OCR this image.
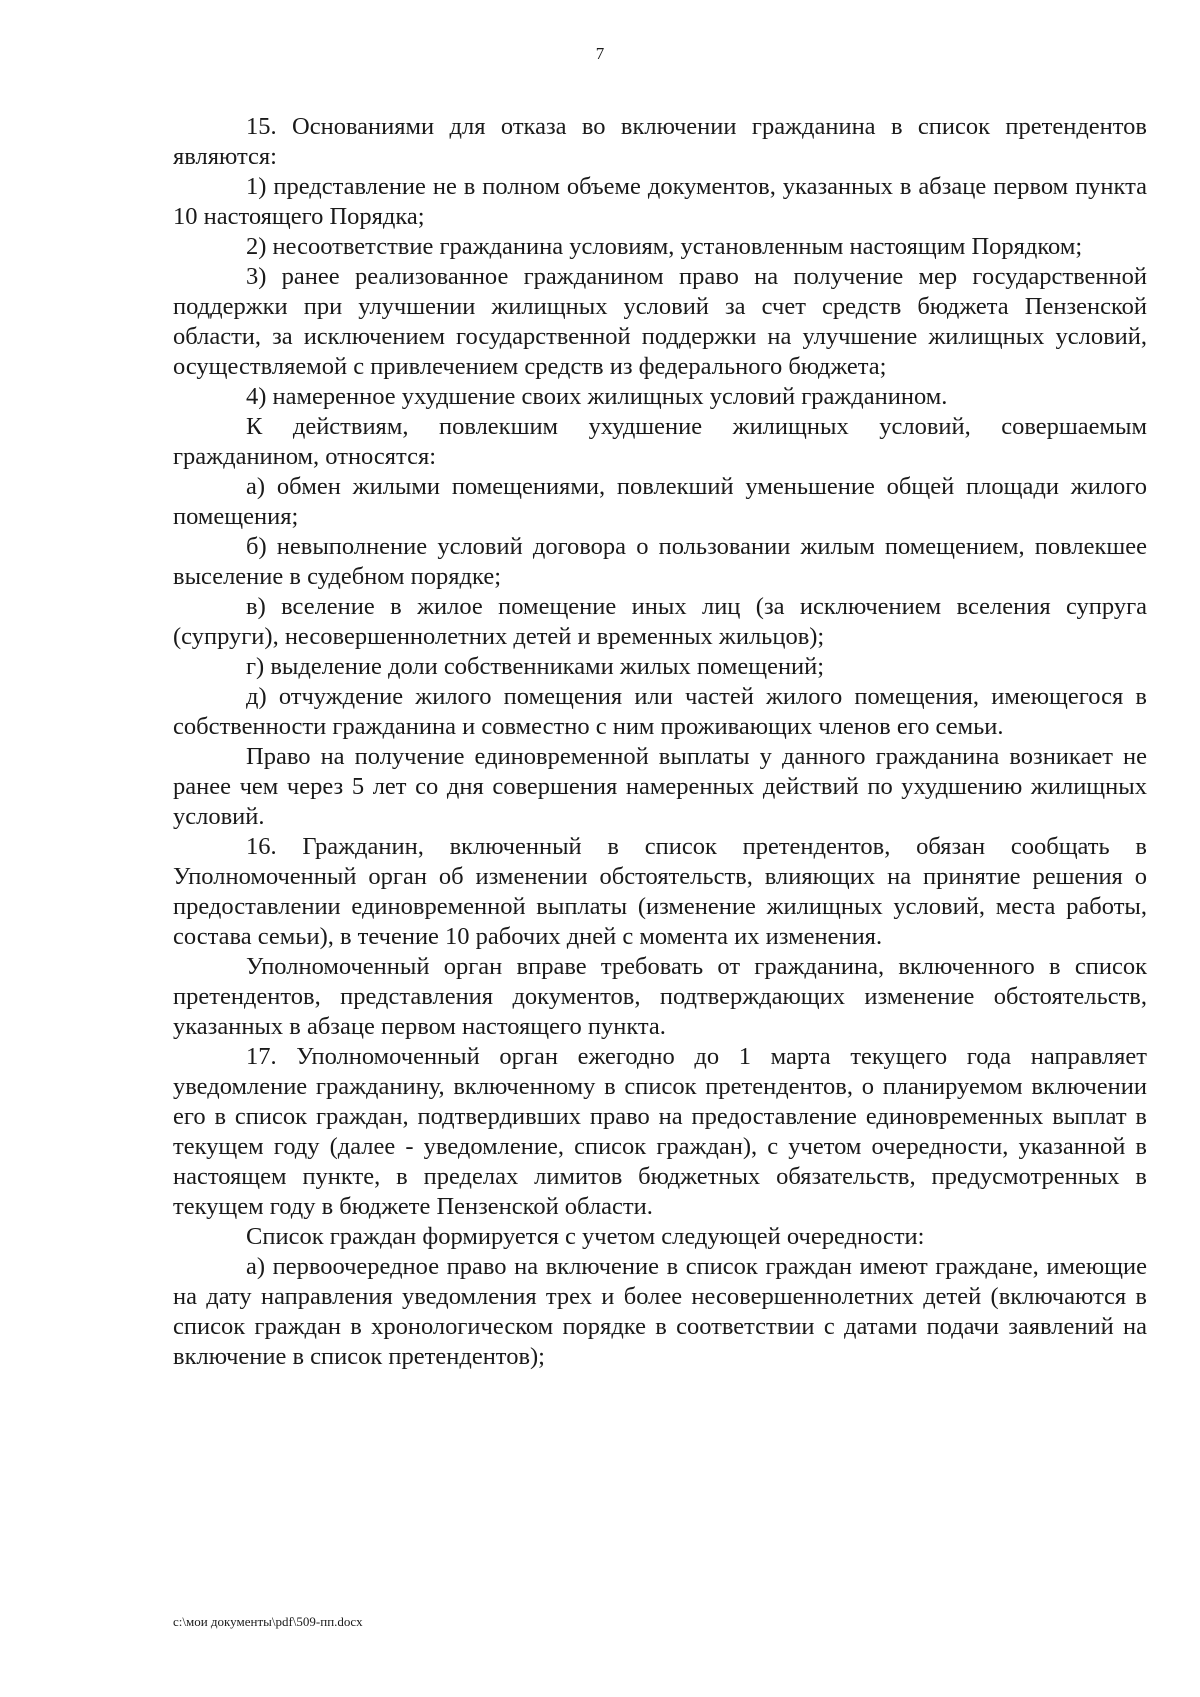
7

15. Основаниями для отказа во включении гражданина в список претендентов являются:

1) представление не в полном объеме документов, указанных в абзаце первом пункта 10 настоящего Порядка;

2) несоответствие гражданина условиям, установленным настоящим Порядком;

3) ранее реализованное гражданином право на получение мер государственной поддержки при улучшении жилищных условий за счет средств бюджета Пензенской области, за исключением государственной поддержки на улучшение жилищных условий, осуществляемой с привлечением средств из федерального бюджета;

4) намеренное ухудшение своих жилищных условий гражданином.

К действиям, повлекшим ухудшение жилищных условий, совершаемым гражданином, относятся:

а) обмен жилыми помещениями, повлекший уменьшение общей площади жилого помещения;

б) невыполнение условий договора о пользовании жилым помещением, повлекшее выселение в судебном порядке;

в) вселение в жилое помещение иных лиц (за исключением вселения супруга (супруги), несовершеннолетних детей и временных жильцов);

г) выделение доли собственниками жилых помещений;

д) отчуждение жилого помещения или частей жилого помещения, имеющегося в собственности гражданина и совместно с ним проживающих членов его семьи.

Право на получение единовременной выплаты у данного гражданина возникает не ранее чем через 5 лет со дня совершения намеренных действий по ухудшению жилищных условий.

16. Гражданин, включенный в список претендентов, обязан сообщать в Уполномоченный орган об изменении обстоятельств, влияющих на принятие решения о предоставлении единовременной выплаты (изменение жилищных условий, места работы, состава семьи), в течение 10 рабочих дней с момента их изменения.

Уполномоченный орган вправе требовать от гражданина, включенного в список претендентов, представления документов, подтверждающих изменение обстоятельств, указанных в абзаце первом настоящего пункта.

17. Уполномоченный орган ежегодно до 1 марта текущего года направляет уведомление гражданину, включенному в список претендентов, о планируемом включении его в список граждан, подтвердивших право на предоставление единовременных выплат в текущем году (далее - уведомление, список граждан), с учетом очередности, указанной в настоящем пункте, в пределах лимитов бюджетных обязательств, предусмотренных в текущем году в бюджете Пензенской области.

Список граждан формируется с учетом следующей очередности:

а) первоочередное право на включение в список граждан имеют граждане, имеющие на дату направления уведомления трех и более несовершеннолетних детей (включаются в список граждан в хронологическом порядке в соответствии с датами подачи заявлений на включение в список претендентов);

c:\мои документы\pdf\509-пп.docx
